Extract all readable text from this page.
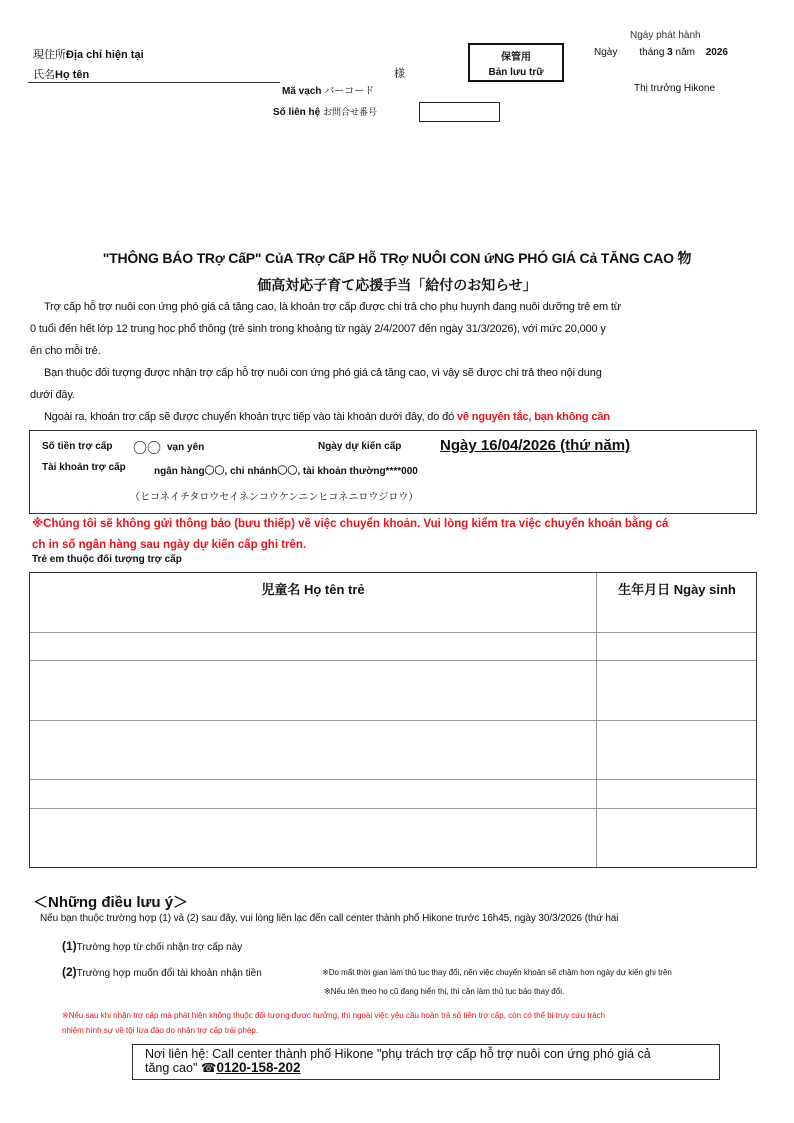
現住所Địa chỉ hiện tại
氏名Họ tên	様
Mã vạch バーコード
Số liên hệ お問合せ番号
保管用
Bản lưu trữ
Ngày phát hành
Ngày tháng 3 năm 2026
Thị trưởng Hikone
"THÔNG BÁO TRợ CấP" CủA TRợ CấP Hỗ TRợ NUÔI CON ứNG PHÓ GIÁ Cả TĂNG CAO 物
価高対応子育て応援手当「給付のお知らせ」
Trợ cấp hỗ trợ nuôi con ứng phó giá cả tăng cao, là khoản trợ cấp được chi trả cho phụ huynh đang nuôi dưỡng trẻ em từ
0 tuổi đến hết lớp 12 trung học phổ thông (trẻ sinh trong khoảng từ ngày 2/4/2007 đến ngày 31/3/2026), với mức 20,000 y
ên cho mỗi trẻ.
Bạn thuộc đối tượng được nhận trợ cấp hỗ trợ nuôi con ứng phó giá cả tăng cao, vì vậy sẽ được chi trả theo nội dung
dưới đây.
Ngoài ra, khoản trợ cấp sẽ được chuyển khoản trực tiếp vào tài khoản dưới đây, do đó về nguyên tắc, bạn không cần
Số tiền trợ cấp 〇〇 vạn yên	Ngày dự kiến cấp	Ngày 16/04/2026 (thứ năm)
Tài khoản trợ cấp	ngân hàng〇〇, chi nhánh〇〇, tài khoản thường****000
（ヒコネイチタロウセイネンコウケンニンヒコネニロウジロウ）
※Chúng tôi sẽ không gửi thông báo (bưu thiếp) về việc chuyển khoản. Vui lòng kiểm tra việc chuyển khoản bằng cá
ch in sổ ngân hàng sau ngày dự kiến cấp ghi trên.
Trẻ em thuộc đối tượng trợ cấp
児童名 Họ tên trẻ	生年月日 Ngày sinh
＜Những điều lưu ý＞
Nếu bạn thuộc trường hợp (1) và (2) sau đây, vui lòng liên lạc đến call center thành phố Hikone trước 16h45, ngày 30/3/2026 (thứ hai
(1)Trường hợp từ chối nhận trợ cấp này
(2)Trường hợp muốn đổi tài khoản nhận tiền	※Do mất thời gian làm thủ tục thay đổi, nên việc chuyển khoản sẽ chậm hơn ngày dự kiến ghi trên
※Nếu tên theo họ cũ đang hiển thị, thì cần làm thủ tục báo thay đổi.
※Nếu sau khi nhận trợ cấp mà phát hiện không thuộc đối tượng được hưởng, thì ngoài việc yêu cầu hoàn trả số tiền trợ cấp, còn có thể bị truy cứu trách
nhiệm hình sự về tội lừa đảo do nhận trợ cấp trái phép.
Nơi liên hệ: Call center thành phố Hikone "phụ trách trợ cấp hỗ trợ nuôi con ứng phó giá cả
tăng cao" ☎0120-158-202
